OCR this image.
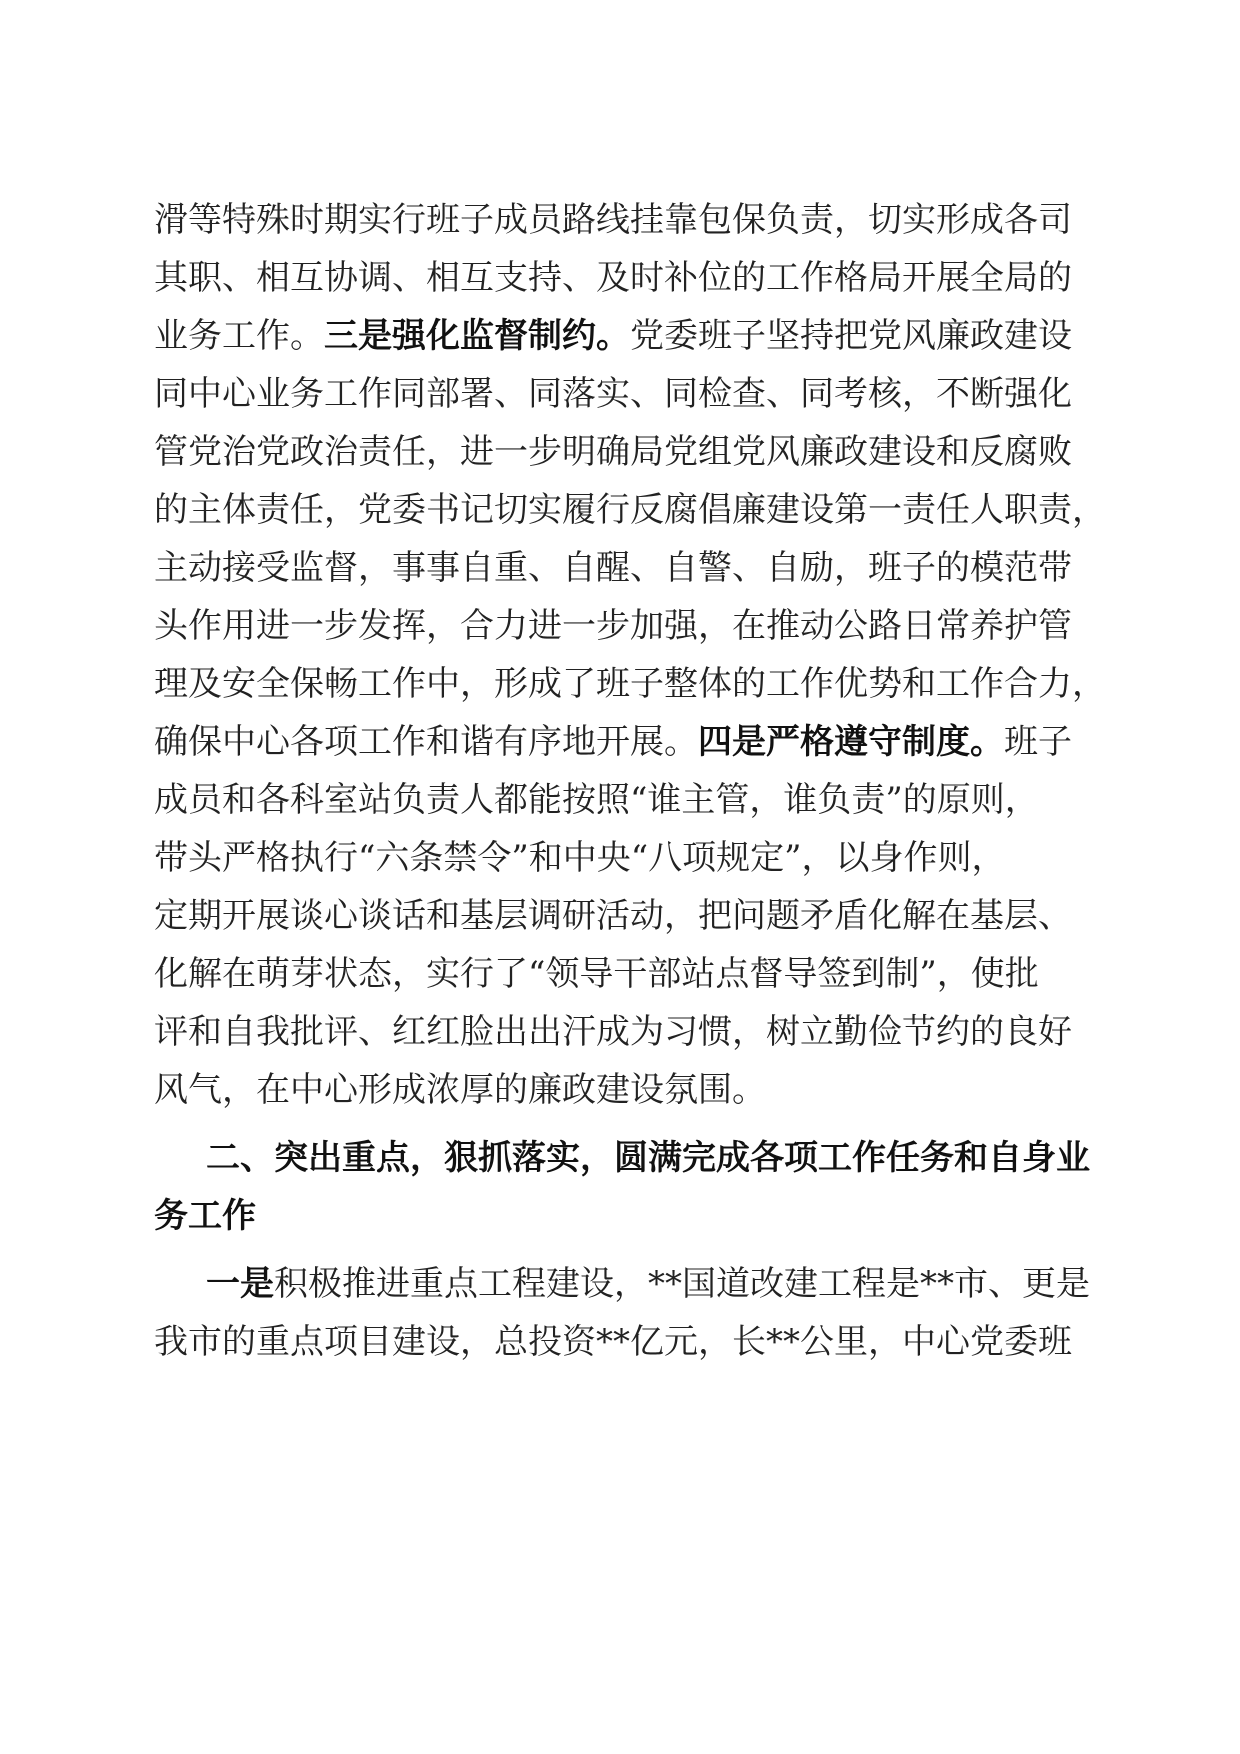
滑等特殊时期实行班子成员路线挂靠包保负责，切实形成各司
其职、相互协调、相互支持、及时补位的工作格局开展全局的
业务工作。三是强化监督制约。党委班子坚持把党风廉政建设
同中心业务工作同部署、同落实、同检查、同考核，不断强化
管党治党政治责任，进一步明确局党组党风廉政建设和反腐败
的主体责任，党委书记切实履行反腐倡廉建设第一责任人职责，
主动接受监督，事事自重、自醒、自警、自励，班子的模范带
头作用进一步发挥，合力进一步加强，在推动公路日常养护管
理及安全保畅工作中，形成了班子整体的工作优势和工作合力，
确保中心各项工作和谐有序地开展。四是严格遵守制度。班子
成员和各科室站负责人都能按照“谁主管，谁负责”的原则，
带头严格执行“六条禁令”和中央“八项规定”，以身作则，
定期开展谈心谈话和基层调研活动，把问题矛盾化解在基层、
化解在萌芽状态，实行了“领导干部站点督导签到制”，使批
评和自我批评、红红脸出出汗成为习惯，树立勤俭节约的良好
风气，在中心形成浓厚的廉政建设氛围。
二、突出重点，狠抓落实，圆满完成各项工作任务和自身业
务工作
一是积极推进重点工程建设，**国道改建工程是**市、更是
我市的重点项目建设，总投资**亿元，长**公里，中心党委班
